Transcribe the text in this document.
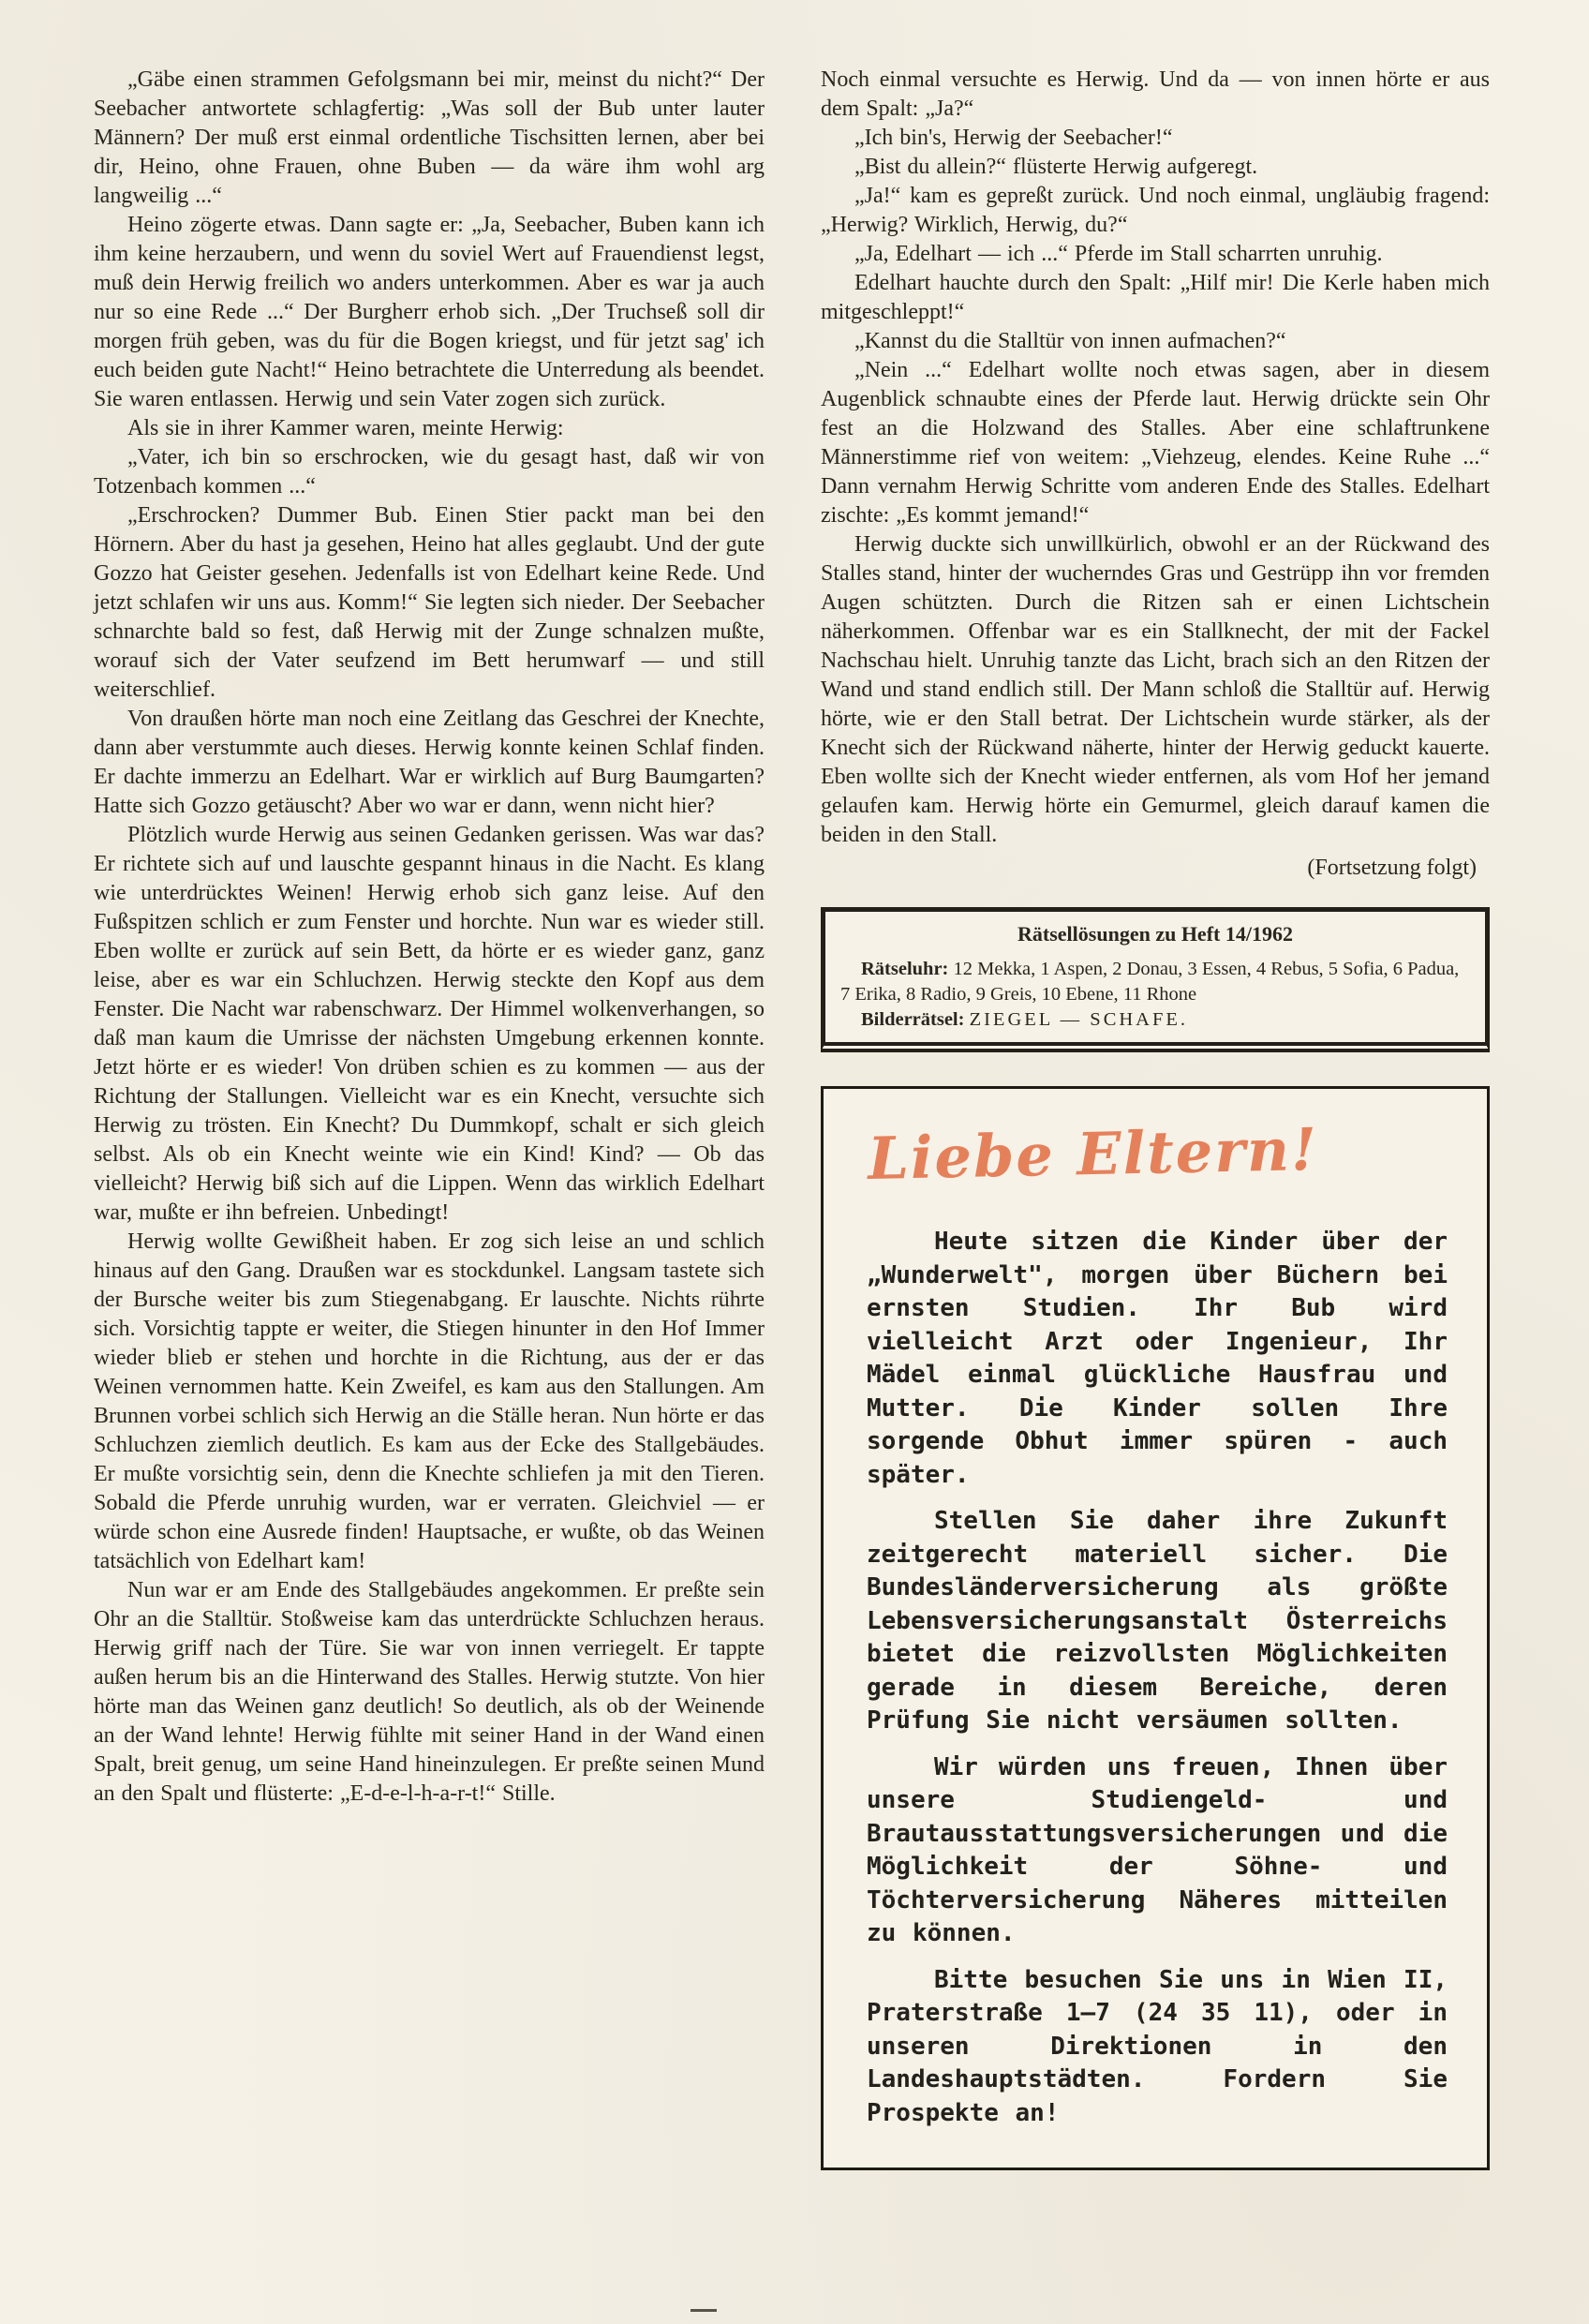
„Gäbe einen strammen Gefolgsmann bei mir, meinst du nicht?“ Der Seebacher antwortete schlagfertig: „Was soll der Bub unter lauter Männern? Der muß erst einmal ordentliche Tischsitten lernen, aber bei dir, Heino, ohne Frauen, ohne Buben — da wäre ihm wohl arg langweilig ...“

Heino zögerte etwas. Dann sagte er: „Ja, Seebacher, Buben kann ich ihm keine herzaubern, und wenn du soviel Wert auf Frauendienst legst, muß dein Herwig freilich wo anders unterkommen. Aber es war ja auch nur so eine Rede ...“ Der Burgherr erhob sich. „Der Truchseß soll dir morgen früh geben, was du für die Bogen kriegst, und für jetzt sag' ich euch beiden gute Nacht!“ Heino betrachtete die Unterredung als beendet. Sie waren entlassen. Herwig und sein Vater zogen sich zurück.

Als sie in ihrer Kammer waren, meinte Herwig:

„Vater, ich bin so erschrocken, wie du gesagt hast, daß wir von Totzenbach kommen ...“

„Erschrocken? Dummer Bub. Einen Stier packt man bei den Hörnern. Aber du hast ja gesehen, Heino hat alles geglaubt. Und der gute Gozzo hat Geister gesehen. Jedenfalls ist von Edelhart keine Rede. Und jetzt schlafen wir uns aus. Komm!“ Sie legten sich nieder. Der Seebacher schnarchte bald so fest, daß Herwig mit der Zunge schnalzen mußte, worauf sich der Vater seufzend im Bett herumwarf — und still weiterschlief.

Von draußen hörte man noch eine Zeitlang das Geschrei der Knechte, dann aber verstummte auch dieses. Herwig konnte keinen Schlaf finden. Er dachte immerzu an Edelhart. War er wirklich auf Burg Baumgarten? Hatte sich Gozzo getäuscht? Aber wo war er dann, wenn nicht hier?

Plötzlich wurde Herwig aus seinen Gedanken gerissen. Was war das? Er richtete sich auf und lauschte gespannt hinaus in die Nacht. Es klang wie unterdrücktes Weinen! Herwig erhob sich ganz leise. Auf den Fußspitzen schlich er zum Fenster und horchte. Nun war es wieder still. Eben wollte er zurück auf sein Bett, da hörte er es wieder ganz, ganz leise, aber es war ein Schluchzen. Herwig steckte den Kopf aus dem Fenster. Die Nacht war rabenschwarz. Der Himmel wolkenverhangen, so daß man kaum die Umrisse der nächsten Umgebung erkennen konnte. Jetzt hörte er es wieder! Von drüben schien es zu kommen — aus der Richtung der Stallungen. Vielleicht war es ein Knecht, versuchte sich Herwig zu trösten. Ein Knecht? Du Dummkopf, schalt er sich gleich selbst. Als ob ein Knecht weinte wie ein Kind! Kind? — Ob das vielleicht? Herwig biß sich auf die Lippen. Wenn das wirklich Edelhart war, mußte er ihn befreien. Unbedingt!

Herwig wollte Gewißheit haben. Er zog sich leise an und schlich hinaus auf den Gang. Draußen war es stockdunkel. Langsam tastete sich der Bursche weiter bis zum Stiegenabgang. Er lauschte. Nichts rührte sich. Vorsichtig tappte er weiter, die Stiegen hinunter in den Hof Immer wieder blieb er stehen und horchte in die Richtung, aus der er das Weinen vernommen hatte. Kein Zweifel, es kam aus den Stallungen. Am Brunnen vorbei schlich sich Herwig an die Ställe heran. Nun hörte er das Schluchzen ziemlich deutlich. Es kam aus der Ecke des Stallgebäudes. Er mußte vorsichtig sein, denn die Knechte schliefen ja mit den Tieren. Sobald die Pferde unruhig wurden, war er verraten. Gleichviel — er würde schon eine Ausrede finden! Hauptsache, er wußte, ob das Weinen tatsächlich von Edelhart kam!

Nun war er am Ende des Stallgebäudes angekommen. Er preßte sein Ohr an die Stalltür. Stoßweise kam das unterdrückte Schluchzen heraus. Herwig griff nach der Türe. Sie war von innen verriegelt. Er tappte außen herum bis an die Hinterwand des Stalles. Herwig stutzte. Von hier hörte man das Weinen ganz deutlich! So deutlich, als ob der Weinende an der Wand lehnte! Herwig fühlte mit seiner Hand in der Wand einen Spalt, breit genug, um seine Hand hineinzulegen. Er preßte seinen Mund an den Spalt und flüsterte: „E-d-e-l-h-a-r-t!“ Stille.

Noch einmal versuchte es Herwig. Und da — von innen hörte er aus dem Spalt: „Ja?“

„Ich bin's, Herwig der Seebacher!“

„Bist du allein?“ flüsterte Herwig aufgeregt.

„Ja!“ kam es gepreßt zurück. Und noch einmal, ungläubig fragend: „Herwig? Wirklich, Herwig, du?“

„Ja, Edelhart — ich ...“ Pferde im Stall scharrten unruhig.

Edelhart hauchte durch den Spalt: „Hilf mir! Die Kerle haben mich mitgeschleppt!“

„Kannst du die Stalltür von innen aufmachen?“

„Nein ...“ Edelhart wollte noch etwas sagen, aber in diesem Augenblick schnaubte eines der Pferde laut. Herwig drückte sein Ohr fest an die Holzwand des Stalles. Aber eine schlaftrunkene Männerstimme rief von weitem: „Viehzeug, elendes. Keine Ruhe ...“ Dann vernahm Herwig Schritte vom anderen Ende des Stalles. Edelhart zischte: „Es kommt jemand!“

Herwig duckte sich unwillkürlich, obwohl er an der Rückwand des Stalles stand, hinter der wucherndes Gras und Gestrüpp ihn vor fremden Augen schützten. Durch die Ritzen sah er einen Lichtschein näherkommen. Offenbar war es ein Stallknecht, der mit der Fackel Nachschau hielt. Unruhig tanzte das Licht, brach sich an den Ritzen der Wand und stand endlich still. Der Mann schloß die Stalltür auf. Herwig hörte, wie er den Stall betrat. Der Lichtschein wurde stärker, als der Knecht sich der Rückwand näherte, hinter der Herwig geduckt kauerte. Eben wollte sich der Knecht wieder entfernen, als vom Hof her jemand gelaufen kam. Herwig hörte ein Gemurmel, gleich darauf kamen die beiden in den Stall.

(Fortsetzung folgt)
Rätsellösungen zu Heft 14/1962

Rätseluhr: 12 Mekka, 1 Aspen, 2 Donau, 3 Essen, 4 Rebus, 5 Sofia, 6 Padua, 7 Erika, 8 Radio, 9 Greis, 10 Ebene, 11 Rhone

Bilderrätsel: ZIEGEL — SCHAFE.

Liebe Eltern!

Heute sitzen die Kinder über der „Wunderwelt", morgen über Büchern bei ernsten Studien. Ihr Bub wird vielleicht Arzt oder Ingenieur, Ihr Mädel einmal glückliche Hausfrau und Mutter. Die Kinder sollen Ihre sorgende Obhut immer spüren - auch später.

Stellen Sie daher ihre Zukunft zeitgerecht materiell sicher. Die Bundesländerversicherung als größte Lebensversicherungsanstalt Österreichs bietet die reizvollsten Möglichkeiten gerade in diesem Bereiche, deren Prüfung Sie nicht versäumen sollten.

Wir würden uns freuen, Ihnen über unsere Studiengeld- und Brautausstattungsversicherungen und die Möglichkeit der Söhne- und Töchterversicherung Näheres mitteilen zu können.

Bitte besuchen Sie uns in Wien II, Praterstraße 1—7 (24 35 11), oder in unseren Direktionen in den Landeshauptstädten. Fordern Sie Prospekte an!
